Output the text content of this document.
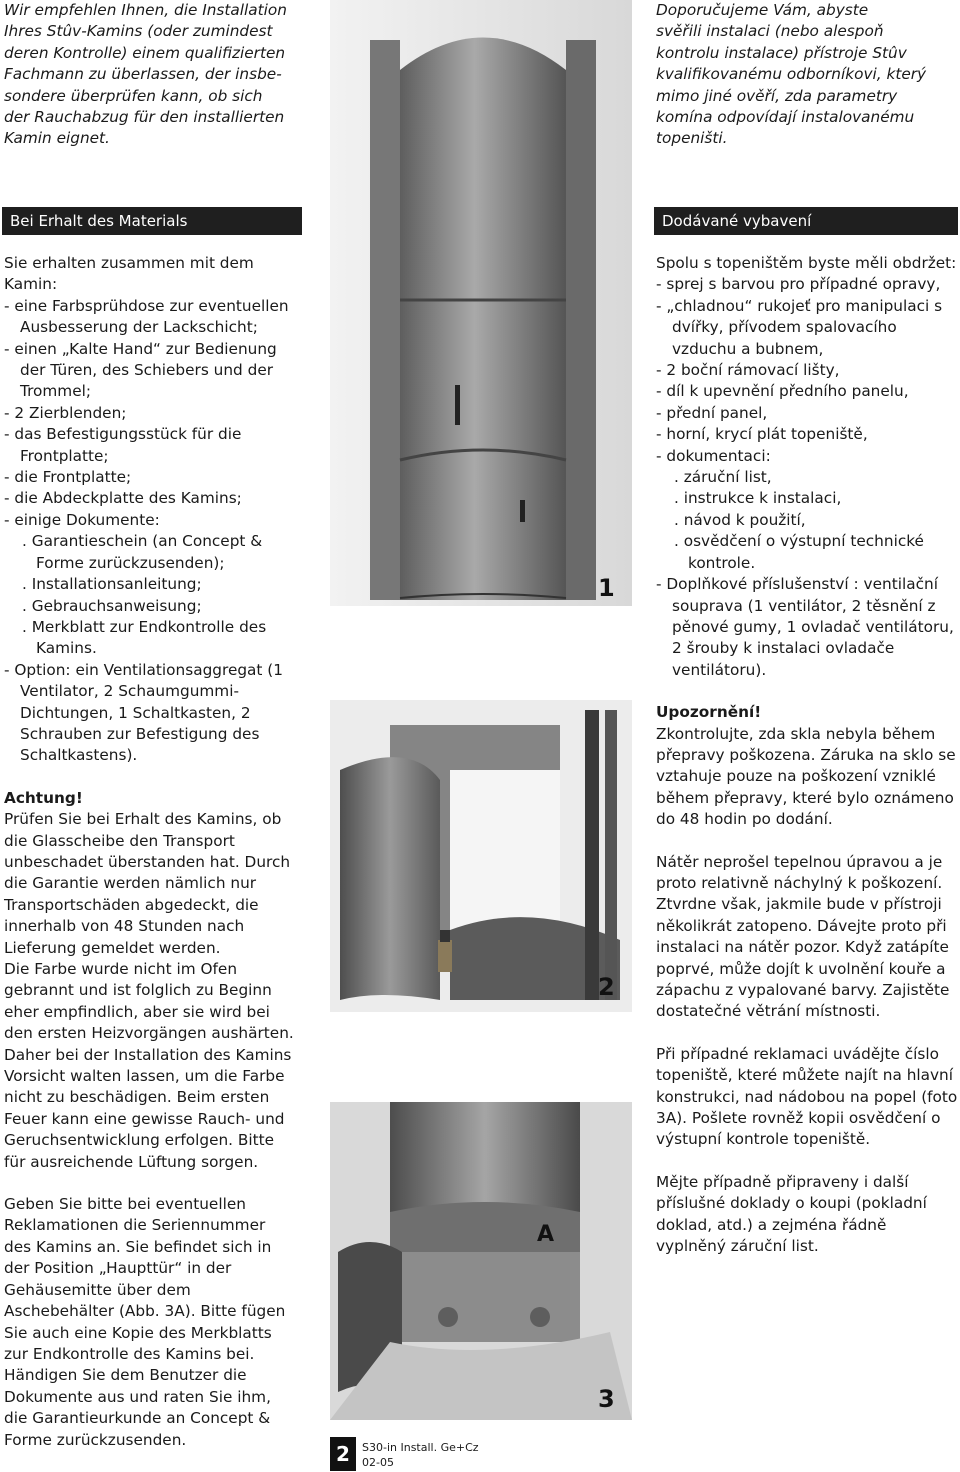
Wir empfehlen Ihnen, die Installation
Ihres Stûv-Kamins (oder zumindest
deren Kontrolle) einem qualifizierten
Fachmann zu überlassen, der insbe-
sondere überprüfen kann, ob sich
der Rauchabzug für den installierten
Kamin eignet.
Bei Erhalt des Materials

Sie erhalten zusammen mit dem Kamin:

- eine Farbsprühdose zur eventuellen Ausbesserung der Lackschicht;
- einen „Kalte Hand“ zur Bedienung der Türen, des Schiebers und der Trommel;
- 2 Zierblenden;
- das Befestigungsstück für die Frontplatte;
- die Frontplatte;
- die Abdeckplatte des Kamins;
- einige Dokumente:
. Garantieschein (an Concept & Forme zurückzusenden);
. Installationsanleitung;
. Gebrauchsanweisung;
. Merkblatt zur Endkontrolle des Kamins.
- Option: ein Ventilationsaggregat (1 Ventilator, 2 Schaumgummi-Dichtungen, 1 Schaltkasten, 2 Schrauben zur Befestigung des Schaltkastens).

Achtung!

Prüfen Sie bei Erhalt des Kamins, ob die Glasscheibe den Transport unbeschadet überstanden hat. Durch die Garantie werden nämlich nur Transportschäden abgedeckt, die innerhalb von 48 Stunden nach Lieferung gemeldet werden.

Die Farbe wurde nicht im Ofen gebrannt und ist folglich zu Beginn eher empfindlich, aber sie wird bei den ersten Heizvorgängen aushärten. Daher bei der Installation des Kamins Vorsicht walten lassen, um die Farbe nicht zu beschädigen. Beim ersten Feuer kann eine gewisse Rauch- und Geruchsentwicklung erfolgen. Bitte für ausreichende Lüftung sorgen.

Geben Sie bitte bei eventuellen Reklamationen die Seriennummer des Kamins an. Sie befindet sich in der Position „Haupttür“ in der Gehäusemitte über dem Aschebehälter (Abb. 3A). Bitte fügen Sie auch eine Kopie des Merkblatts zur Endkontrolle des Kamins bei.

Händigen Sie dem Benutzer die Dokumente aus und raten Sie ihm, die Garantieurkunde an Concept & Forme zurückzusenden.

Doporučujeme Vám, abyste
svěřili instalaci (nebo alespoň
kontrolu instalace) přístroje Stûv
kvalifikovanému odborníkovi, který
mimo jiné ověří, zda parametry
komína odpovídají instalovanému
topeništi.
Dodávané vybavení

Spolu s topeništěm byste měli obdržet:

- sprej s barvou pro případné opravy,
- „chladnou“ rukojeť pro manipulaci s dvířky, přívodem spalovacího vzduchu a bubnem,
- 2 boční rámovací lišty,
- díl k upevnění předního panelu,
- přední panel,
- horní, krycí plát topeniště,
- dokumentaci:
. záruční list,
. instrukce k instalaci,
. návod k použití,
. osvědčení o výstupní technické kontrole.
- Doplňkové příslušenství : ventilační souprava (1 ventilátor, 2 těsnění z pěnové gumy, 1 ovladač ventilátoru, 2 šrouby k instalaci ovladače ventilátoru).

Upozornění!

Zkontrolujte, zda skla nebyla během přepravy poškozena. Záruka na sklo se vztahuje pouze na poškození vzniklé během přepravy, které bylo oznámeno do 48 hodin po dodání.

Nátěr neprošel tepelnou úpravou a je proto relativně náchylný k poškození. Ztvrdne však, jakmile bude v přístroji několikrát zatopeno. Dávejte proto při instalaci na nátěr pozor. Když zatápíte poprvé, může dojít k uvolnění kouře a zápachu z vypalované barvy. Zajistěte dostatečné větrání místnosti.

Při případné reklamaci uvádějte číslo topeniště, které můžete najít na hlavní konstrukci, nad nádobou na popel (foto 3A). Pošlete rovněž kopii osvědčení o výstupní kontrole topeniště.

Mějte případně připraveny i další příslušné doklady o koupi (pokladní doklad, atd.) a zejména řádně vyplněný záruční list.

1
2
A
3
2	S30-in Install. Ge+Cz
02-05
